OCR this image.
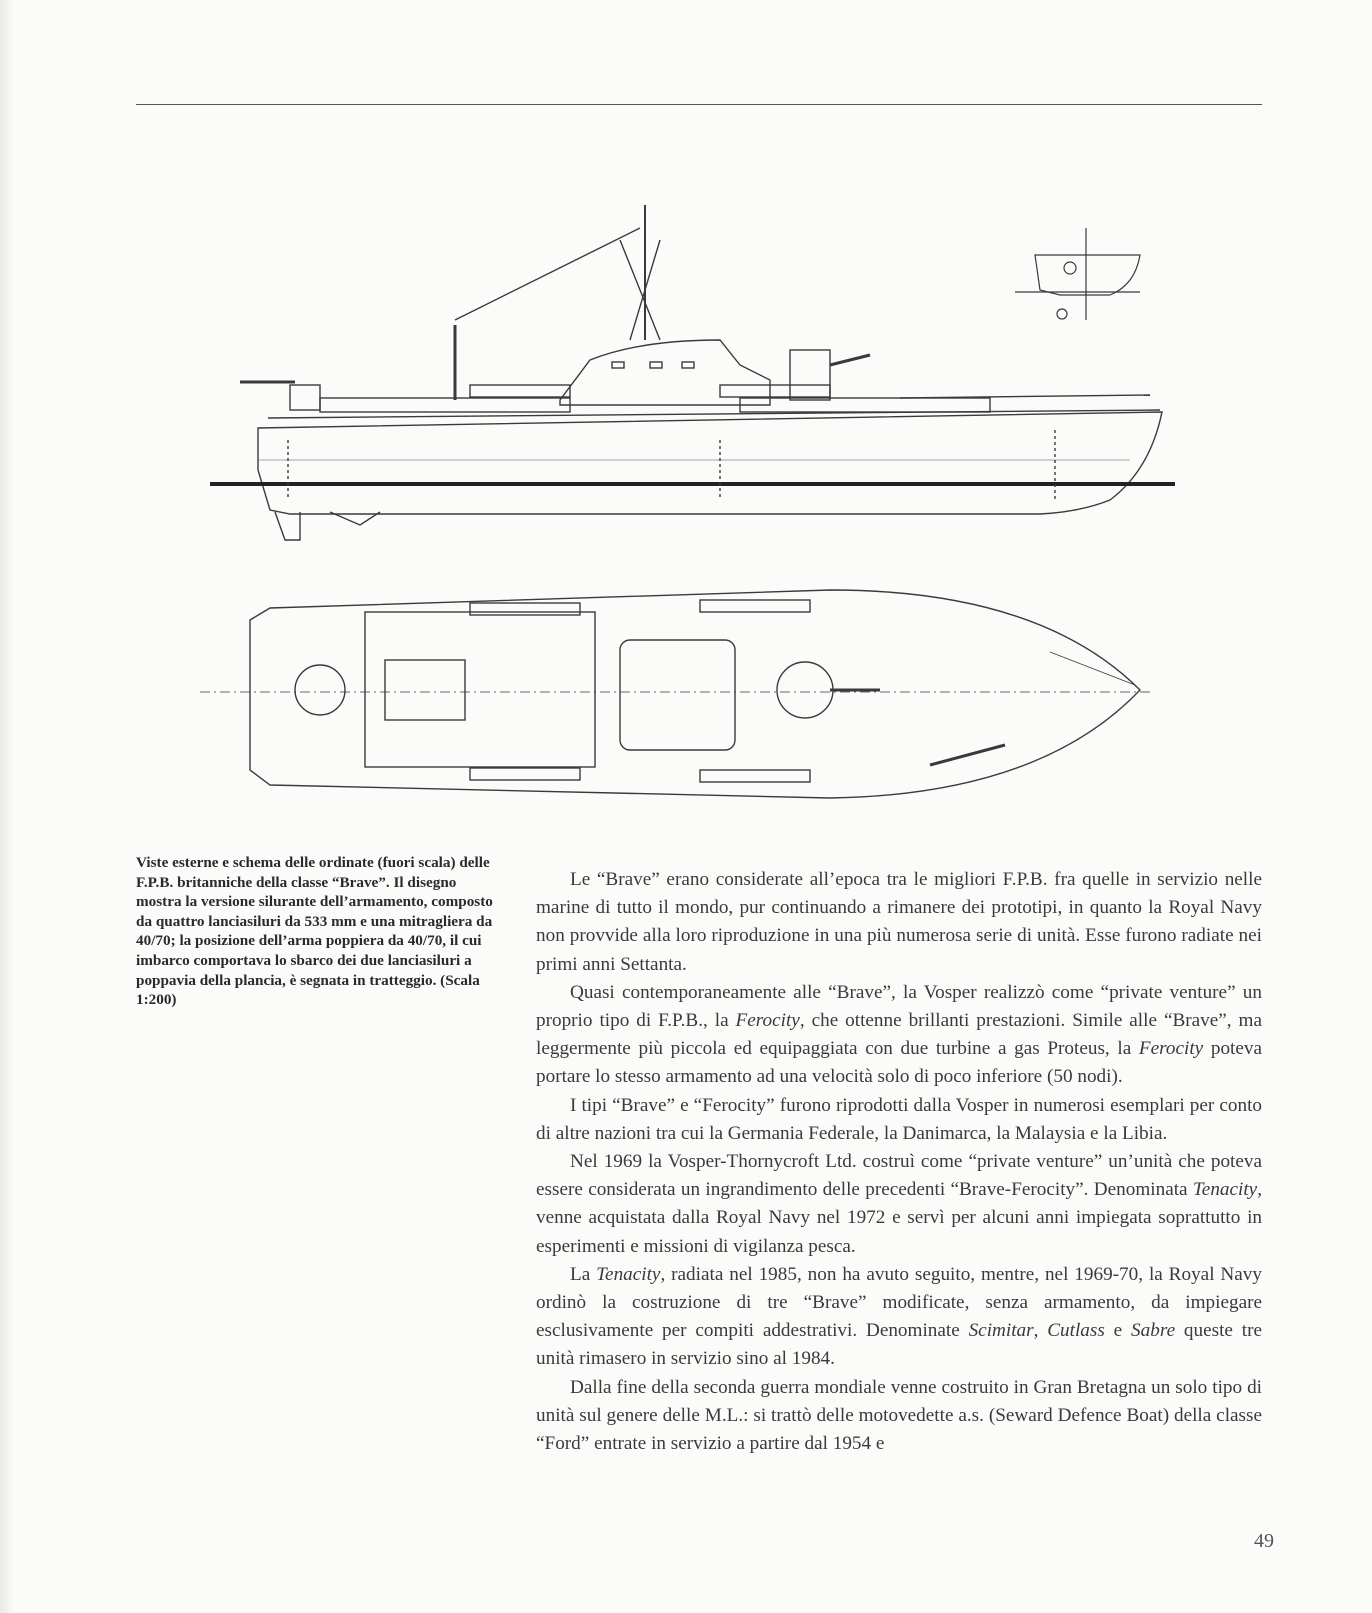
Viste esterne e schema delle ordinate (fuori scala) delle F.P.B. britanniche della classe “Brave”. Il disegno mostra la versione silurante dell’armamento, composto da quattro lanciasiluri da 533 mm e una mitragliera da 40/70; la posizione dell’arma poppiera da 40/70, il cui imbarco comportava lo sbarco dei due lanciasiluri a poppavia della plancia, è segnata in tratteggio. (Scala 1:200)

Le “Brave” erano considerate all’epoca tra le migliori F.P.B. fra quelle in servizio nelle marine di tutto il mondo, pur continuando a rimanere dei prototipi, in quanto la Royal Navy non provvide alla loro riproduzione in una più numerosa serie di unità. Esse furono radiate nei primi anni Settanta.

Quasi contemporaneamente alle “Brave”, la Vosper realizzò come “private venture” un proprio tipo di F.P.B., la Ferocity, che ottenne brillanti prestazioni. Simile alle “Brave”, ma leggermente più piccola ed equipaggiata con due turbine a gas Proteus, la Ferocity poteva portare lo stesso armamento ad una velocità solo di poco inferiore (50 nodi).

I tipi “Brave” e “Ferocity” furono riprodotti dalla Vosper in numerosi esemplari per conto di altre nazioni tra cui la Germania Federale, la Danimarca, la Malaysia e la Libia.

Nel 1969 la Vosper-Thornycroft Ltd. costruì come “private venture” un’unità che poteva essere considerata un ingrandimento delle precedenti “Brave-Ferocity”. Denominata Tenacity, venne acquistata dalla Royal Navy nel 1972 e servì per alcuni anni impiegata soprattutto in esperimenti e missioni di vigilanza pesca.

La Tenacity, radiata nel 1985, non ha avuto seguito, mentre, nel 1969-70, la Royal Navy ordinò la costruzione di tre “Brave” modificate, senza armamento, da impiegare esclusivamente per compiti addestrativi. Denominate Scimitar, Cutlass e Sabre queste tre unità rimasero in servizio sino al 1984.

Dalla fine della seconda guerra mondiale venne costruito in Gran Bretagna un solo tipo di unità sul genere delle M.L.: si trattò delle motovedette a.s. (Seward Defence Boat) della classe “Ford” entrate in servizio a partire dal 1954 e

49
